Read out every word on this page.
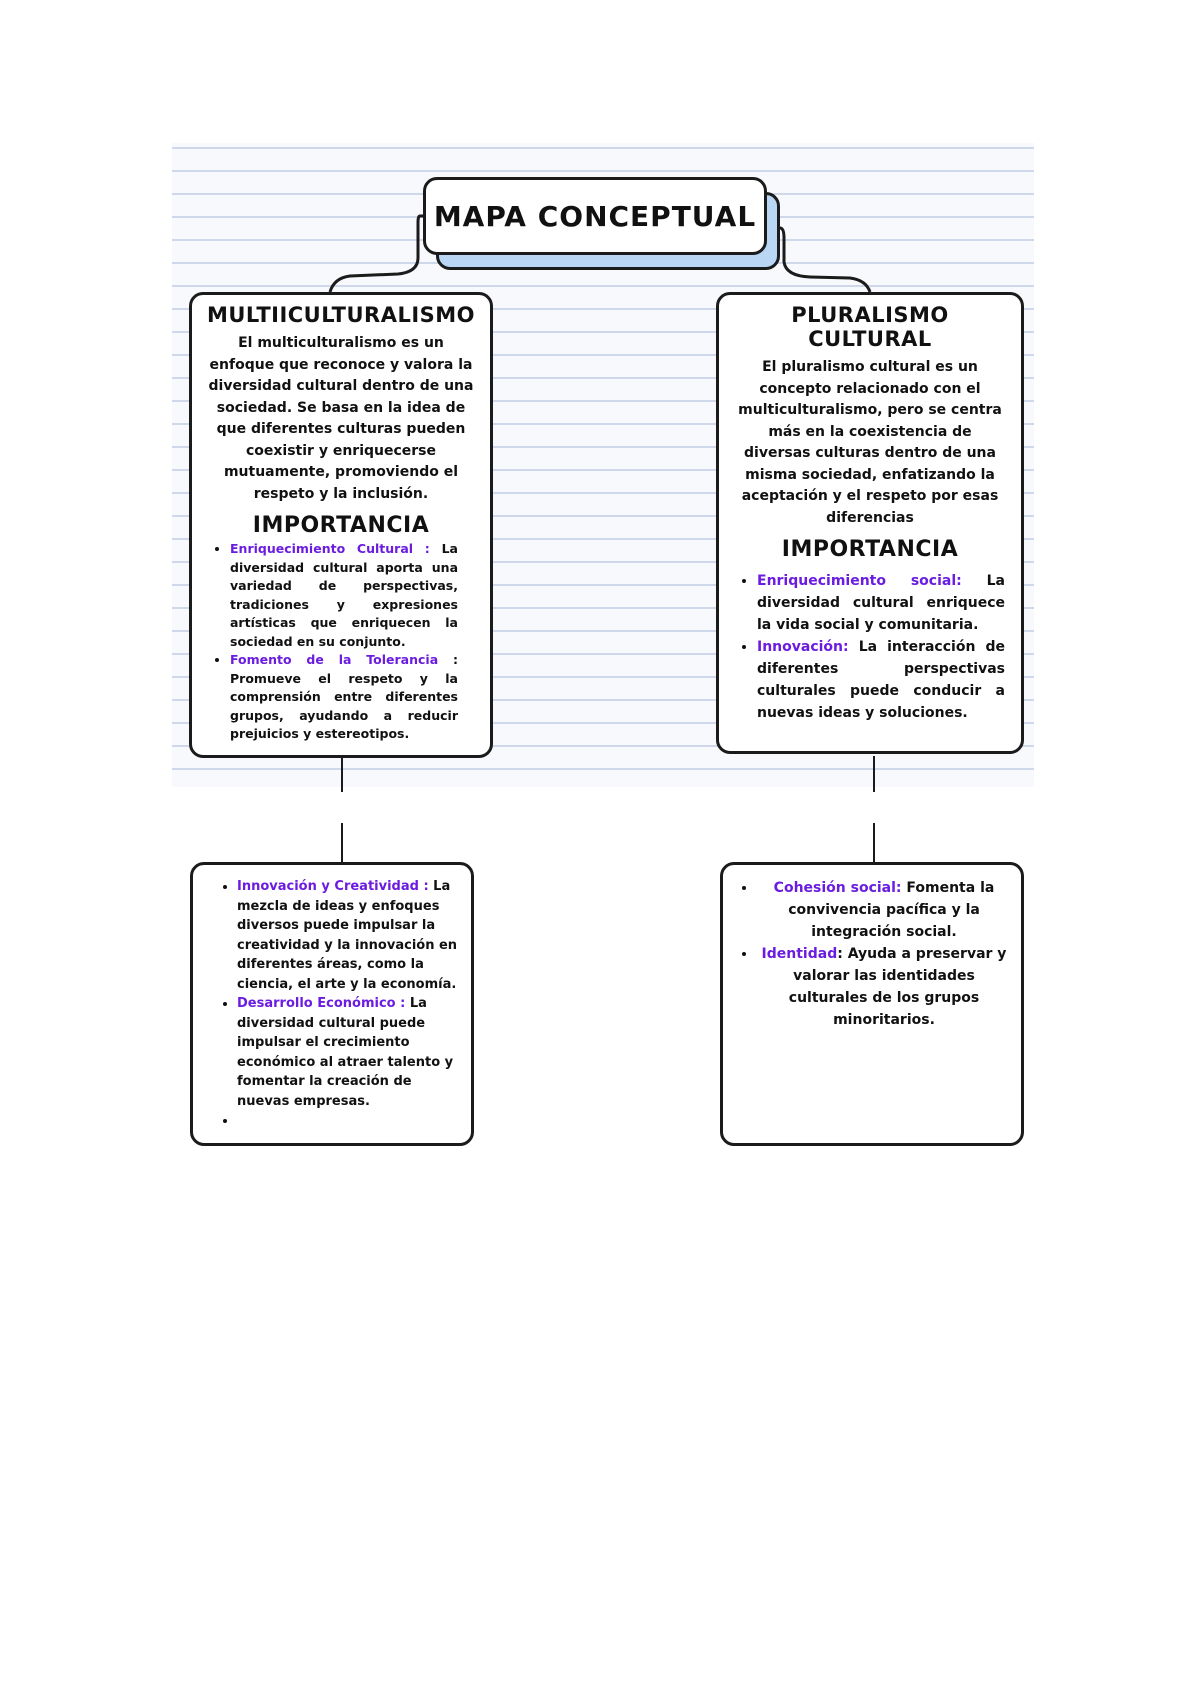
MAPA CONCEPTUAL

MULTIICULTURALISMO

El multiculturalismo es un enfoque que reconoce y valora la diversidad cultural dentro de una sociedad. Se basa en la idea de que diferentes culturas pueden coexistir y enriquecerse mutuamente, promoviendo el respeto y la inclusión.

IMPORTANCIA

• Enriquecimiento Cultural : La diversidad cultural aporta una variedad de perspectivas, tradiciones y expresiones artísticas que enriquecen la sociedad en su conjunto.
• Fomento de la Tolerancia : Promueve el respeto y la comprensión entre diferentes grupos, ayudando a reducir prejuicios y estereotipos.

PLURALISMO CULTURAL

El pluralismo cultural es un concepto relacionado con el multiculturalismo, pero se centra más en la coexistencia de diversas culturas dentro de una misma sociedad, enfatizando la aceptación y el respeto por esas diferencias

IMPORTANCIA

• Enriquecimiento social: La diversidad cultural enriquece la vida social y comunitaria.
• Innovación: La interacción de diferentes perspectivas culturales puede conducir a nuevas ideas y soluciones.
• Innovación y Creatividad : La mezcla de ideas y enfoques diversos puede impulsar la creatividad y la innovación en diferentes áreas, como la ciencia, el arte y la economía.
• Desarrollo Económico : La diversidad cultural puede impulsar el crecimiento económico al atraer talento y fomentar la creación de nuevas empresas.
•
• Cohesión social: Fomenta la convivencia pacífica y la integración social.
• Identidad: Ayuda a preservar y valorar las identidades culturales de los grupos minoritarios.
